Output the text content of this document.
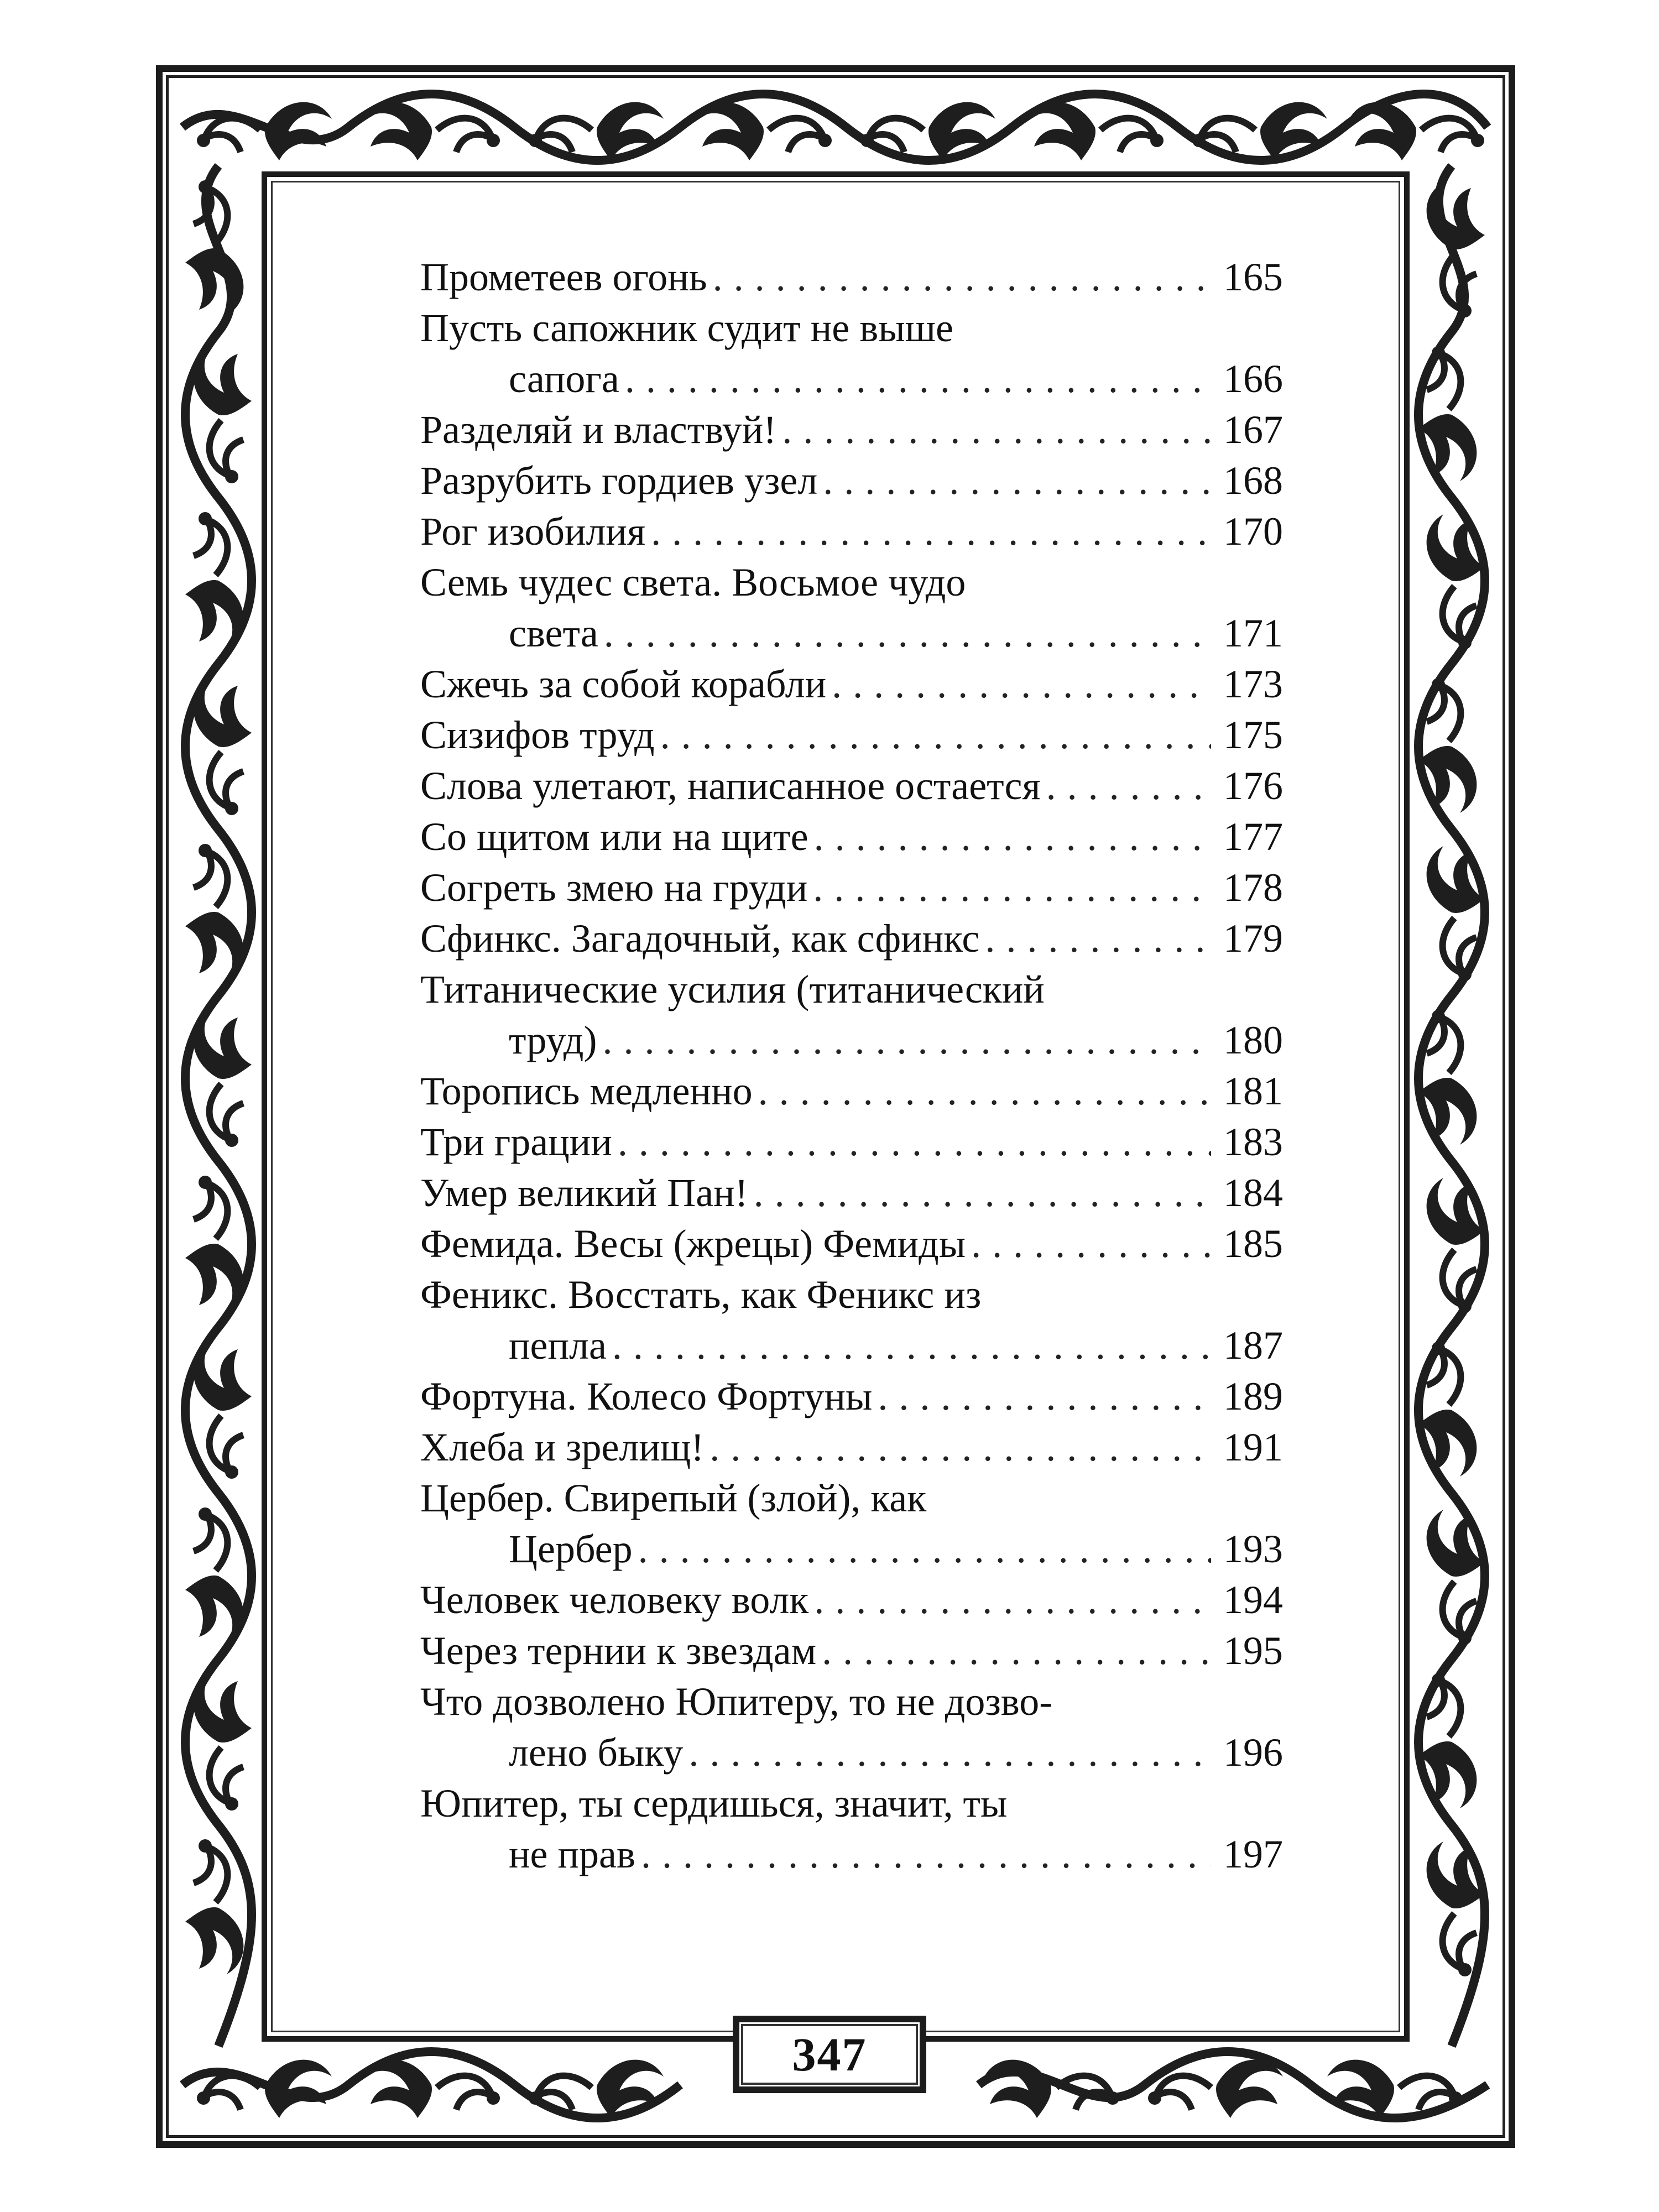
Прометеев огонь . . .	165
Пусть сапожник судит не выше
сапога . . .	166
Разделяй и властвуй! . . .	167
Разрубить гордиев узел . . .	168
Рог изобилия . . .	170
Семь чудес света. Восьмое чудо
света . . .	171
Сжечь за собой корабли . . .	173
Сизифов труд . . .	175
Слова улетают, написанное остается . . .	176
Со щитом или на щите . . .	177
Согреть змею на груди . . .	178
Сфинкс. Загадочный, как сфинкс . . .	179
Титанические усилия (титанический
труд) . . .	180
Торопись медленно . . .	181
Три грации . . .	183
Умер великий Пан! . . .	184
Фемида. Весы (жрецы) Фемиды . . .	185
Феникс. Восстать, как Феникс из
пепла . . .	187
Фортуна. Колесо Фортуны . . .	189
Хлеба и зрелищ! . . .	191
Цербер. Свирепый (злой), как
Цербер . . .	193
Человек человеку волк . . .	194
Через тернии к звездам . . .	195
Что дозволено Юпитеру, то не дозво-
лено быку . . .	196
Юпитер, ты сердишься, значит, ты
не прав . . .	197
347
